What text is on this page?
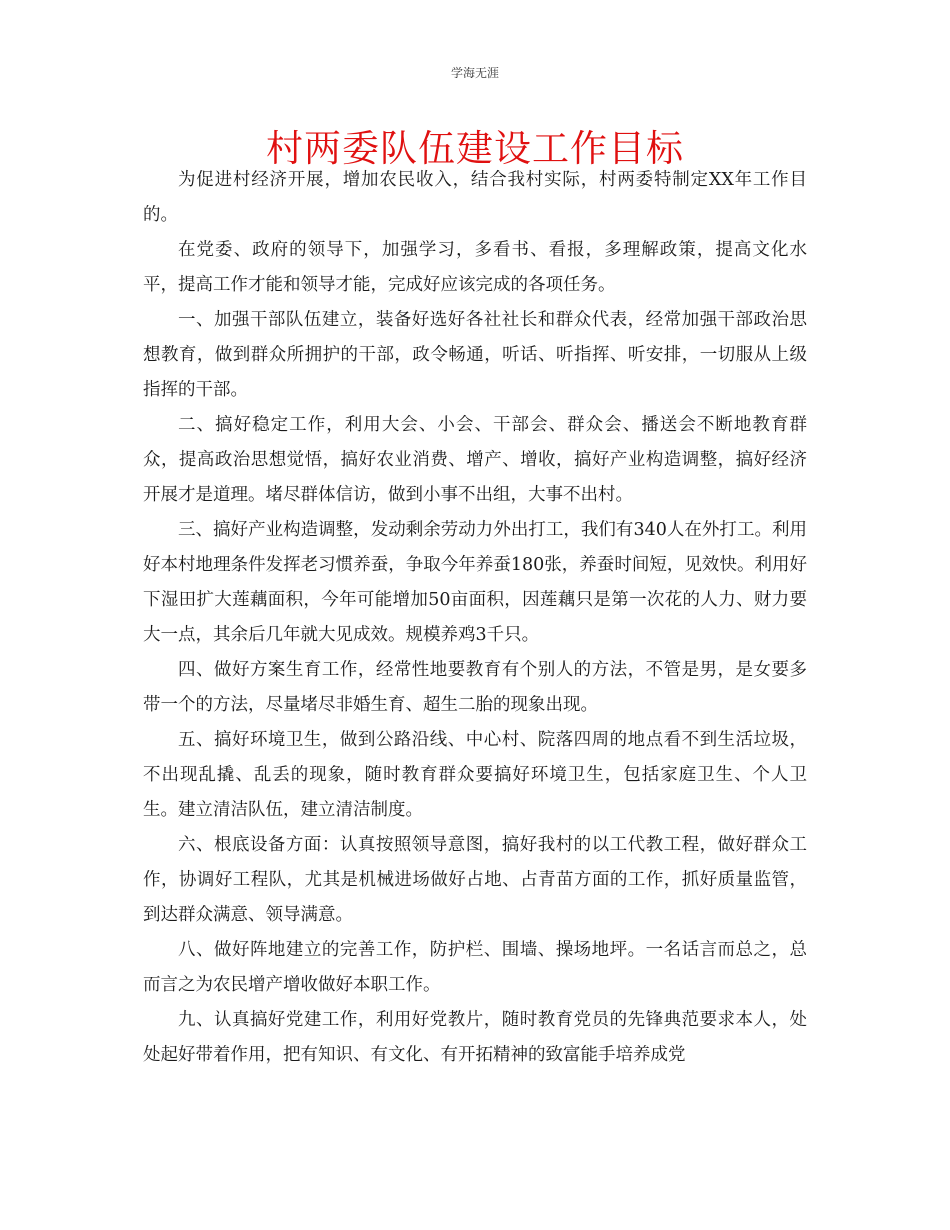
学海无涯
村两委队伍建设工作目标

为促进村经济开展，增加农民收入，结合我村实际，村两委特制定XX年工作目的。

在党委、政府的领导下，加强学习，多看书、看报，多理解政策，提高文化水平，提高工作才能和领导才能，完成好应该完成的各项任务。

一、加强干部队伍建立，装备好选好各社社长和群众代表，经常加强干部政治思想教育，做到群众所拥护的干部，政令畅通，听话、听指挥、听安排，一切服从上级指挥的干部。

二、搞好稳定工作，利用大会、小会、干部会、群众会、播送会不断地教育群众，提高政治思想觉悟，搞好农业消费、增产、增收，搞好产业构造调整，搞好经济开展才是道理。堵尽群体信访，做到小事不出组，大事不出村。

三、搞好产业构造调整，发动剩余劳动力外出打工，我们有340人在外打工。利用好本村地理条件发挥老习惯养蚕，争取今年养蚕180张，养蚕时间短，见效快。利用好下湿田扩大莲藕面积，今年可能增加50亩面积，因莲藕只是第一次花的人力、财力要大一点，其余后几年就大见成效。规模养鸡3千只。

四、做好方案生育工作，经常性地要教育有个别人的方法，不管是男，是女要多带一个的方法，尽量堵尽非婚生育、超生二胎的现象出现。

五、搞好环境卫生，做到公路沿线、中心村、院落四周的地点看不到生活垃圾，不出现乱撬、乱丢的现象，随时教育群众要搞好环境卫生，包括家庭卫生、个人卫生。建立清洁队伍，建立清洁制度。

六、根底设备方面：认真按照领导意图，搞好我村的以工代教工程，做好群众工作，协调好工程队，尤其是机械进场做好占地、占青苗方面的工作，抓好质量监管，到达群众满意、领导满意。

八、做好阵地建立的完善工作，防护栏、围墙、操场地坪。一名话言而总之，总而言之为农民增产增收做好本职工作。

九、认真搞好党建工作，利用好党教片，随时教育党员的先锋典范要求本人，处处起好带着作用，把有知识、有文化、有开拓精神的致富能手培养成党
